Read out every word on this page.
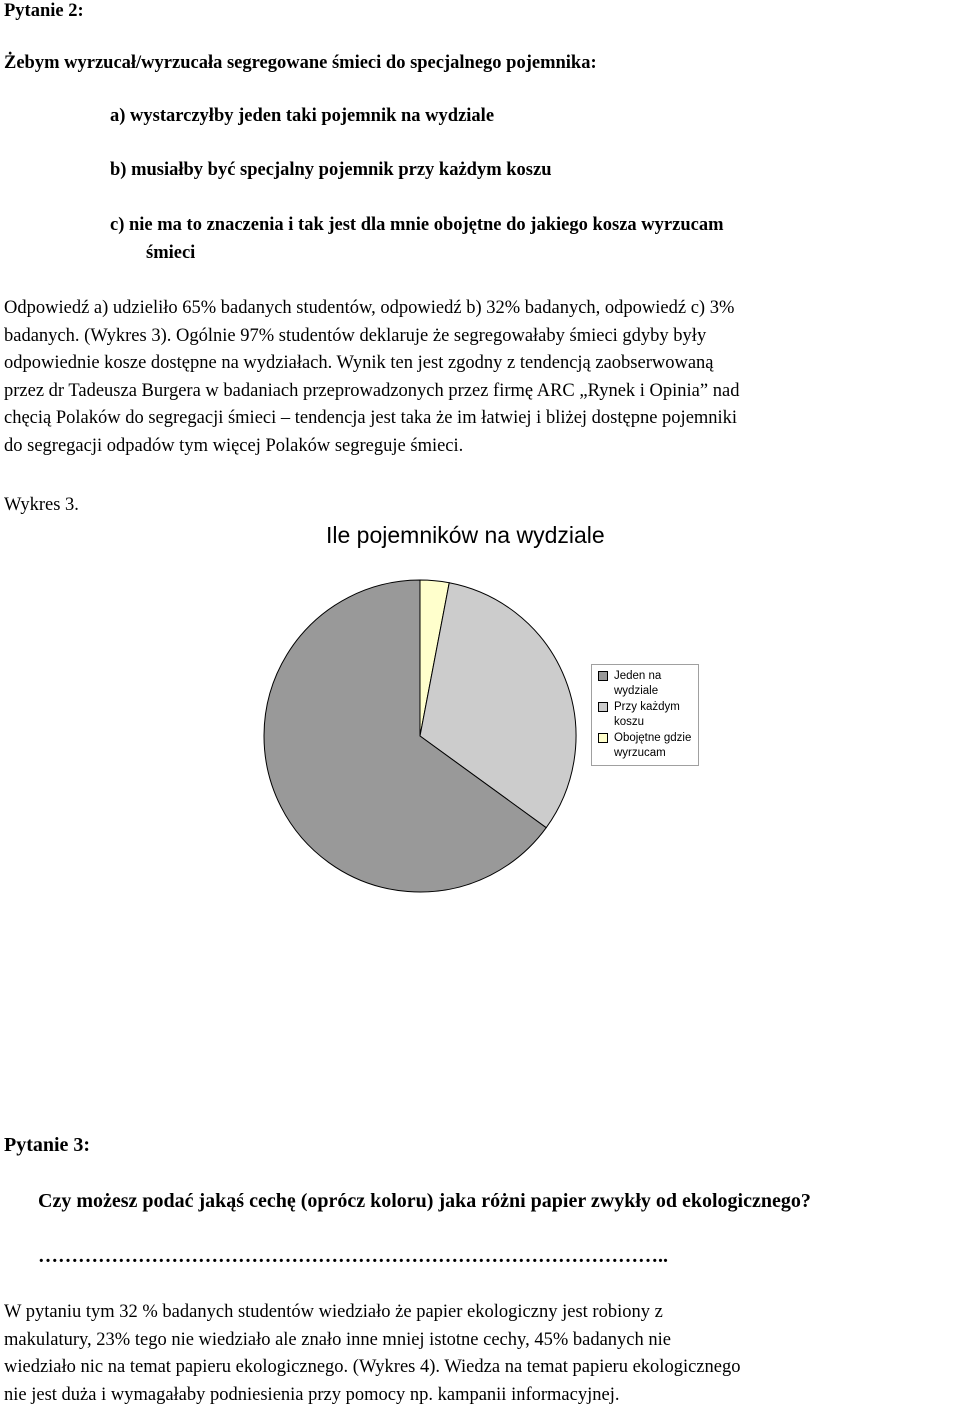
Pytanie 2:
Żebym wyrzucał/wyrzucała segregowane śmieci do specjalnego pojemnika:
a) wystarczyłby jeden taki pojemnik na wydziale
b) musiałby być specjalny pojemnik przy każdym koszu
c) nie ma to znaczenia i tak jest dla mnie obojętne do jakiego kosza wyrzucam
śmieci
Odpowiedź a) udzieliło 65% badanych studentów, odpowiedź b) 32% badanych, odpowiedź c) 3%
badanych. (Wykres 3). Ogólnie 97% studentów deklaruje że segregowałaby śmieci gdyby były
odpowiednie kosze dostępne na wydziałach. Wynik ten jest zgodny z tendencją zaobserwowaną
przez dr Tadeusza Burgera w badaniach przeprowadzonych przez firmę ARC „Rynek i Opinia” nad
chęcią Polaków do segregacji śmieci – tendencja jest taka że im łatwiej i bliżej dostępne pojemniki
do segregacji odpadów tym więcej Polaków segreguje śmieci.
Wykres 3.
Ile pojemników na wydziale
Jeden na
wydziale
Przy każdym
koszu
Obojętne gdzie
wyrzucam
Pytanie 3:
Czy możesz podać jakąś cechę (oprócz koloru) jaka różni papier zwykły od ekologicznego?
…………………………………………………………………………………..
W pytaniu tym 32 % badanych studentów wiedziało że papier ekologiczny jest robiony z
makulatury, 23% tego nie wiedziało ale znało inne mniej istotne cechy, 45% badanych nie
wiedziało nic na temat papieru ekologicznego. (Wykres 4). Wiedza na temat papieru ekologicznego
nie jest duża i wymagałaby podniesienia przy pomocy np. kampanii informacyjnej.
